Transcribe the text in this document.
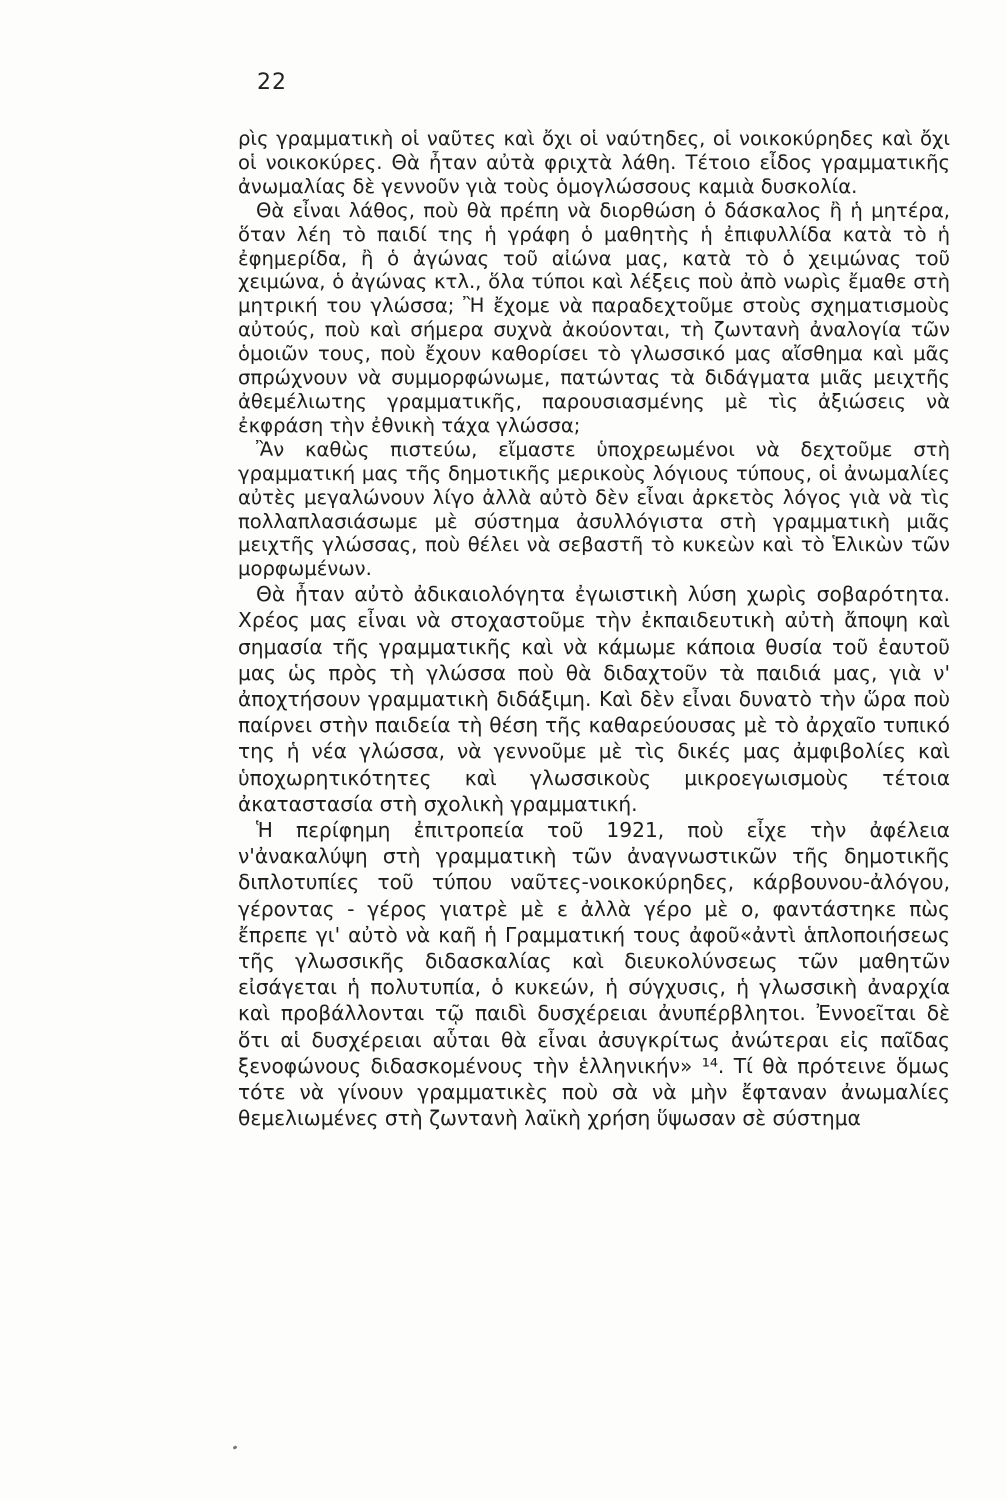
22

ρὶς γραμματικὴ οἱ ναῦτες καὶ ὄχι οἱ ναύτηδες, οἱ νοικοκύρηδες καὶ ὄχι οἱ νοικοκύρες. Θὰ ἦταν αὐτὰ φριχτὰ λάθη. Τέτοιο εἶδος γραμματικῆς ἀνωμαλίας δὲ γεννοῦν γιὰ τοὺς ὁμογλώσσους καμιὰ δυσκολία.

Θὰ εἶναι λάθος, ποὺ θὰ πρέπη νὰ διορθώση ὁ δάσκαλος ἢ ἡ μητέρα, ὅταν λέη τὸ παιδί της ἡ γράφη ὁ μαθητὴς ἡ ἐπιφυλλίδα κατὰ τὸ ἡ ἐφημερίδα, ἢ ὁ ἀγώνας τοῦ αἰώνα μας, κατὰ τὸ ὁ χειμώνας τοῦ χειμώνα, ὁ ἀγώνας κτλ., ὅλα τύποι καὶ λέξεις ποὺ ἀπὸ νωρὶς ἔμαθε στὴ μητρική του γλώσσα; Ἢ ἔχομε νὰ παραδεχτοῦμε στοὺς σχηματισμοὺς αὐτούς, ποὺ καὶ σήμερα συχνὰ ἀκούονται, τὴ ζωντανὴ ἀναλογία τῶν ὁμοιῶν τους, ποὺ ἔχουν καθορίσει τὸ γλωσσικό μας αἴσθημα καὶ μᾶς σπρώχνουν νὰ συμμορφώνωμε, πατώντας τὰ διδάγματα μιᾶς μειχτῆς ἀθεμέλιωτης γραμματικῆς, παρουσιασμένης μὲ τὶς ἀξιώσεις νὰ ἐκφράση τὴν ἐθνικὴ τάχα γλώσσα;

Ἂν καθὼς πιστεύω, εἴμαστε ὑποχρεωμένοι νὰ δεχτοῦμε στὴ γραμματική μας τῆς δημοτικῆς μερικοὺς λόγιους τύπους, οἱ ἀνωμαλίες αὐτὲς μεγαλώνουν λίγο ἀλλὰ αὐτὸ δὲν εἶναι ἀρκετὸς λόγος γιὰ νὰ τὶς πολλαπλασιάσωμε μὲ σύστημα ἀσυλλόγιστα στὴ γραμματικὴ μιᾶς μειχτῆς γλώσσας, ποὺ θέλει νὰ σεβαστῆ τὸ κυκεὼν καὶ τὸ Ἑλικὼν τῶν μορφωμένων.

Θὰ ἦταν αὐτὸ ἀδικαιολόγητα ἐγωιστικὴ λύση χωρὶς σοβαρότητα. Χρέος μας εἶναι νὰ στοχαστοῦμε τὴν ἐκπαιδευτικὴ αὐτὴ ἄποψη καὶ σημασία τῆς γραμματικῆς καὶ νὰ κάμωμε κάποια θυσία τοῦ ἑαυτοῦ μας ὡς πρὸς τὴ γλώσσα ποὺ θὰ διδαχτοῦν τὰ παιδιά μας, γιὰ ν' ἀποχτήσουν γραμματικὴ διδάξιμη. Καὶ δὲν εἶναι δυνατὸ τὴν ὥρα ποὺ παίρνει στὴν παιδεία τὴ θέση τῆς καθαρεύουσας μὲ τὸ ἀρχαῖο τυπικό της ἡ νέα γλώσσα, νὰ γεννοῦμε μὲ τὶς δικές μας ἀμφιβολίες καὶ ὑποχωρητικότητες καὶ γλωσσικοὺς μικροεγωισμοὺς τέτοια ἀκαταστασία στὴ σχολικὴ γραμματική.

Ἡ περίφημη ἐπιτροπεία τοῦ 1921, ποὺ εἶχε τὴν ἀφέλεια ν'ἀνακαλύψη στὴ γραμματικὴ τῶν ἀναγνωστικῶν τῆς δημοτικῆς διπλοτυπίες τοῦ τύπου ναῦτες-νοικοκύρηδες, κάρβουνου-ἀλόγου, γέροντας - γέρος γιατρὲ μὲ ε ἀλλὰ γέρο μὲ ο, φαντάστηκε πὼς ἔπρεπε γι' αὐτὸ νὰ καῆ ἡ Γραμματική τους ἀφοῦ«ἀντὶ ἁπλοποιήσεως τῆς γλωσσικῆς διδασκαλίας καὶ διευκολύνσεως τῶν μαθητῶν εἰσάγεται ἡ πολυτυπία, ὁ κυκεών, ἡ σύγχυσις, ἡ γλωσσικὴ ἀναρχία καὶ προβάλλονται τῷ παιδὶ δυσχέρειαι ἀνυπέρβλητοι. Ἐννοεῖται δὲ ὅτι αἱ δυσχέρειαι αὗται θὰ εἶναι ἀσυγκρίτως ἀνώτεραι εἰς παῖδας ξενοφώνους διδασκομένους τὴν ἑλληνικήν» ¹⁴. Τί θὰ πρότεινε ὅμως τότε νὰ γίνουν γραμματικὲς ποὺ σὰ νὰ μὴν ἔφταναν ἀνωμαλίες θεμελιωμένες στὴ ζωντανὴ λαϊκὴ χρήση ὕψωσαν σὲ σύστημα
